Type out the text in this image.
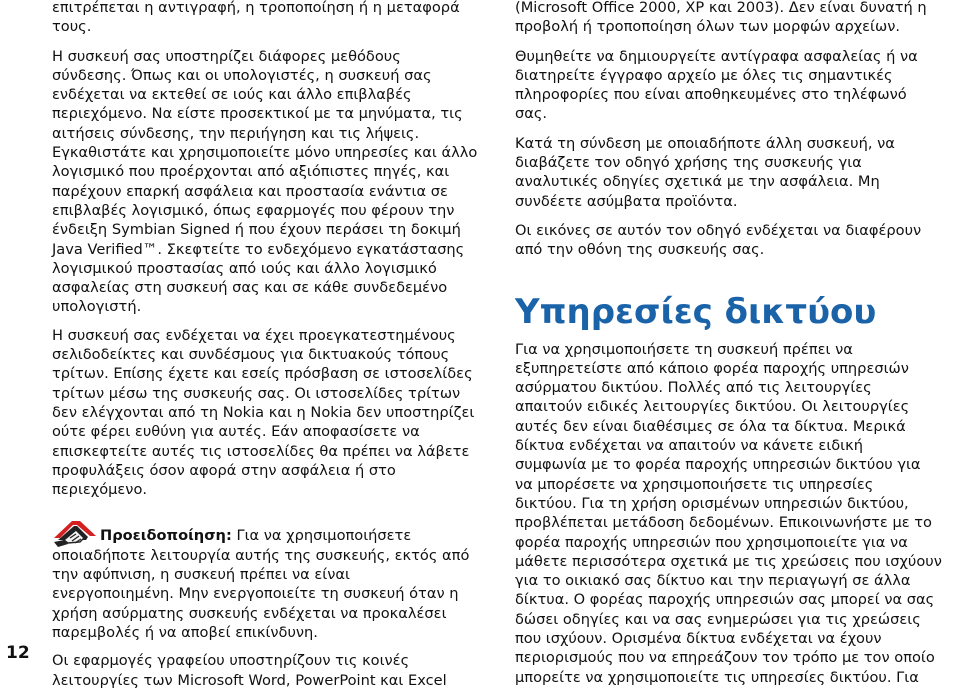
12
επιτρέπεται η αντιγραφή, η τροποποίηση ή η μεταφορά
τους.
Η συσκευή σας υποστηρίζει διάφορες μεθόδους
σύνδεσης. Όπως και οι υπολογιστές, η συσκευή σας
ενδέχεται να εκτεθεί σε ιούς και άλλο επιβλαβές
περιεχόμενο. Να είστε προσεκτικοί με τα μηνύματα, τις
αιτήσεις σύνδεσης, την περιήγηση και τις λήψεις.
Εγκαθιστάτε και χρησιμοποιείτε μόνο υπηρεσίες και άλλο
λογισμικό που προέρχονται από αξιόπιστες πηγές, και
παρέχουν επαρκή ασφάλεια και προστασία ενάντια σε
επιβλαβές λογισμικό, όπως εφαρμογές που φέρουν την
ένδειξη Symbian Signed ή που έχουν περάσει τη δοκιμή
Java Verified™. Σκεφτείτε το ενδεχόμενο εγκατάστασης
λογισμικού προστασίας από ιούς και άλλο λογισμικό
ασφαλείας στη συσκευή σας και σε κάθε συνδεδεμένο
υπολογιστή.
Η συσκευή σας ενδέχεται να έχει προεγκατεστημένους
σελιδοδείκτες και συνδέσμους για δικτυακούς τόπους
τρίτων. Επίσης έχετε και εσείς πρόσβαση σε ιστοσελίδες
τρίτων μέσω της συσκευής σας. Οι ιστοσελίδες τρίτων
δεν ελέγχονται από τη Nokia και η Nokia δεν υποστηρίζει
ούτε φέρει ευθύνη για αυτές. Εάν αποφασίσετε να
επισκεφτείτε αυτές τις ιστοσελίδες θα πρέπει να λάβετε
προφυλάξεις όσον αφορά στην ασφάλεια ή στο
περιεχόμενο.
Προειδοποίηση: Για να χρησιμοποιήσετε
οποιαδήποτε λειτουργία αυτής της συσκευής, εκτός από
την αφύπνιση, η συσκευή πρέπει να είναι
ενεργοποιημένη. Μην ενεργοποιείτε τη συσκευή όταν η
χρήση ασύρματης συσκευής ενδέχεται να προκαλέσει
παρεμβολές ή να αποβεί επικίνδυνη.
Οι εφαρμογές γραφείου υποστηρίζουν τις κοινές
λειτουργίες των Microsoft Word, PowerPoint και Excel
(Microsoft Office 2000, XP και 2003). Δεν είναι δυνατή η
προβολή ή τροποποίηση όλων των μορφών αρχείων.
Θυμηθείτε να δημιουργείτε αντίγραφα ασφαλείας ή να
διατηρείτε έγγραφο αρχείο με όλες τις σημαντικές
πληροφορίες που είναι αποθηκευμένες στο τηλέφωνό
σας.
Κατά τη σύνδεση με οποιαδήποτε άλλη συσκευή, να
διαβάζετε τον οδηγό χρήσης της συσκευής για
αναλυτικές οδηγίες σχετικά με την ασφάλεια. Μη
συνδέετε ασύμβατα προϊόντα.
Οι εικόνες σε αυτόν τον οδηγό ενδέχεται να διαφέρουν
από την οθόνη της συσκευής σας.
Υπηρεσίες δικτύου
Για να χρησιμοποιήσετε τη συσκευή πρέπει να
εξυπηρετείστε από κάποιο φορέα παροχής υπηρεσιών
ασύρματου δικτύου. Πολλές από τις λειτουργίες
απαιτούν ειδικές λειτουργίες δικτύου. Οι λειτουργίες
αυτές δεν είναι διαθέσιμες σε όλα τα δίκτυα. Μερικά
δίκτυα ενδέχεται να απαιτούν να κάνετε ειδική
συμφωνία με το φορέα παροχής υπηρεσιών δικτύου για
να μπορέσετε να χρησιμοποιήσετε τις υπηρεσίες
δικτύου. Για τη χρήση ορισμένων υπηρεσιών δικτύου,
προβλέπεται μετάδοση δεδομένων. Επικοινωνήστε με το
φορέα παροχής υπηρεσιών που χρησιμοποιείτε για να
μάθετε περισσότερα σχετικά με τις χρεώσεις που ισχύουν
για το οικιακό σας δίκτυο και την περιαγωγή σε άλλα
δίκτυα. Ο φορέας παροχής υπηρεσιών σας μπορεί να σας
δώσει οδηγίες και να σας ενημερώσει για τις χρεώσεις
που ισχύουν. Ορισμένα δίκτυα ενδέχεται να έχουν
περιορισμούς που να επηρεάζουν τον τρόπο με τον οποίο
μπορείτε να χρησιμοποιείτε τις υπηρεσίες δικτύου. Για
